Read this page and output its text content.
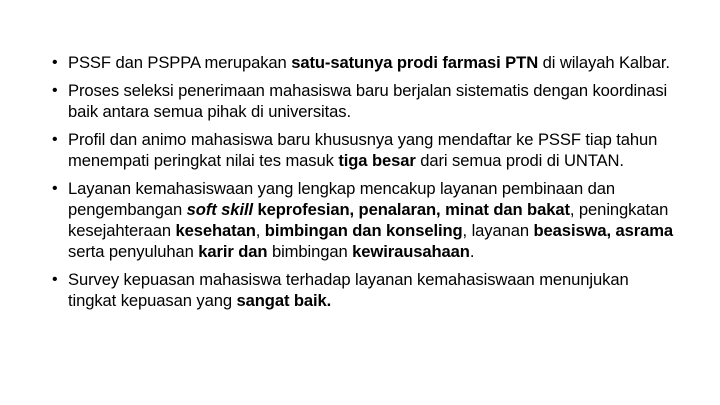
• PSSF dan PSPPA merupakan satu-satunya prodi farmasi PTN di wilayah Kalbar.
• Proses seleksi penerimaan mahasiswa baru berjalan sistematis dengan koordinasi baik antara semua pihak di universitas.
• Profil dan animo mahasiswa baru khususnya yang mendaftar ke PSSF tiap tahun menempati peringkat nilai tes masuk tiga besar dari semua prodi di UNTAN.
• Layanan kemahasiswaan yang lengkap mencakup layanan pembinaan dan pengembangan soft skill keprofesian, penalaran, minat dan bakat, peningkatan kesejahteraan kesehatan, bimbingan dan konseling, layanan beasiswa, asrama serta penyuluhan karir dan bimbingan kewirausahaan.
• Survey kepuasan mahasiswa terhadap layanan kemahasiswaan menunjukan tingkat kepuasan yang sangat baik.
